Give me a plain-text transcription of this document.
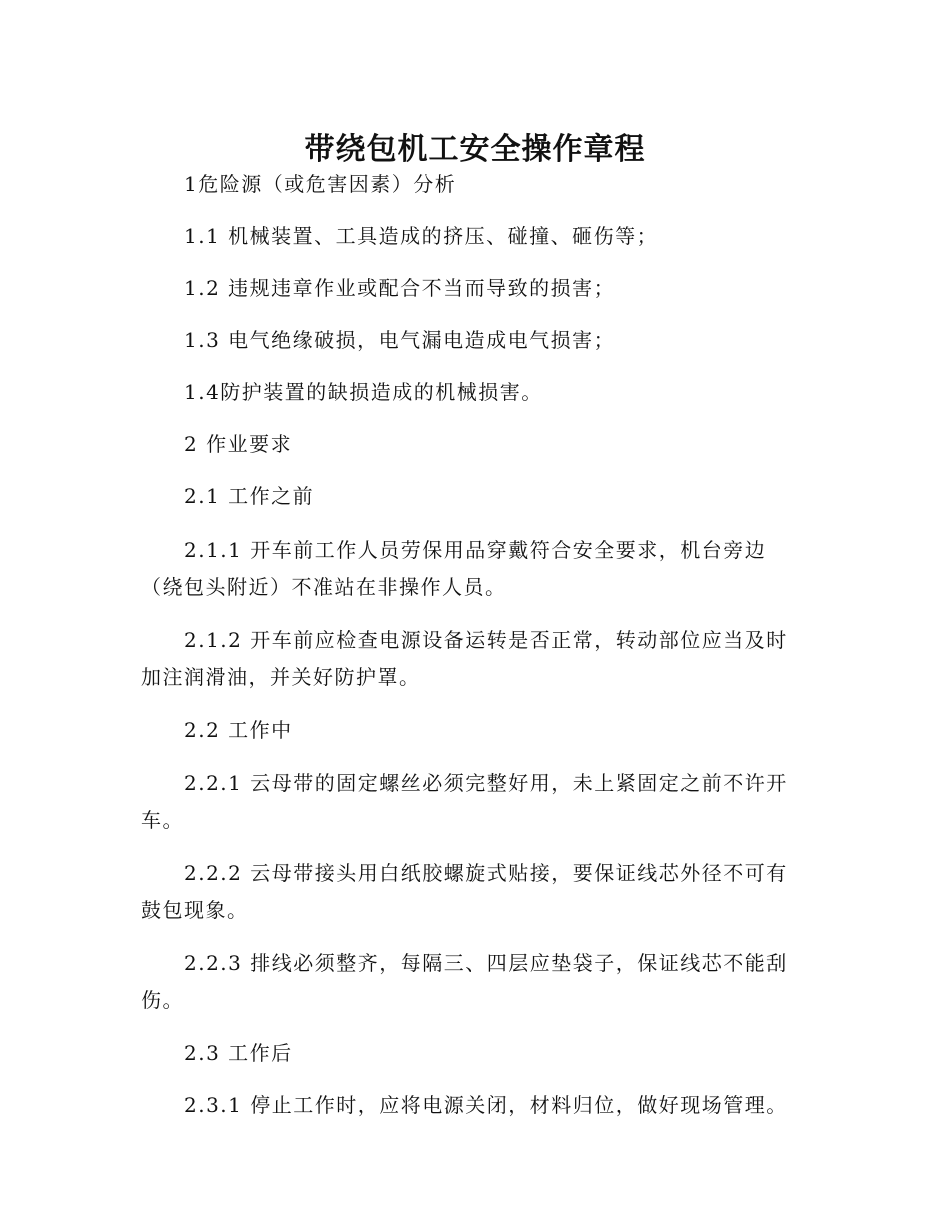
带绕包机工安全操作章程

1危险源（或危害因素）分析

1.1 机械装置、工具造成的挤压、碰撞、砸伤等；

1.2 违规违章作业或配合不当而导致的损害；

1.3 电气绝缘破损，电气漏电造成电气损害；

1.4防护装置的缺损造成的机械损害。

2 作业要求

2.1 工作之前

2.1.1 开车前工作人员劳保用品穿戴符合安全要求，机台旁边（绕包头附近）不准站在非操作人员。

2.1.2 开车前应检查电源设备运转是否正常，转动部位应当及时加注润滑油，并关好防护罩。

2.2 工作中

2.2.1 云母带的固定螺丝必须完整好用，未上紧固定之前不许开车。

2.2.2 云母带接头用白纸胶螺旋式贴接，要保证线芯外径不可有鼓包现象。

2.2.3 排线必须整齐，每隔三、四层应垫袋子，保证线芯不能刮伤。

2.3 工作后

2.3.1 停止工作时，应将电源关闭，材料归位，做好现场管理。
